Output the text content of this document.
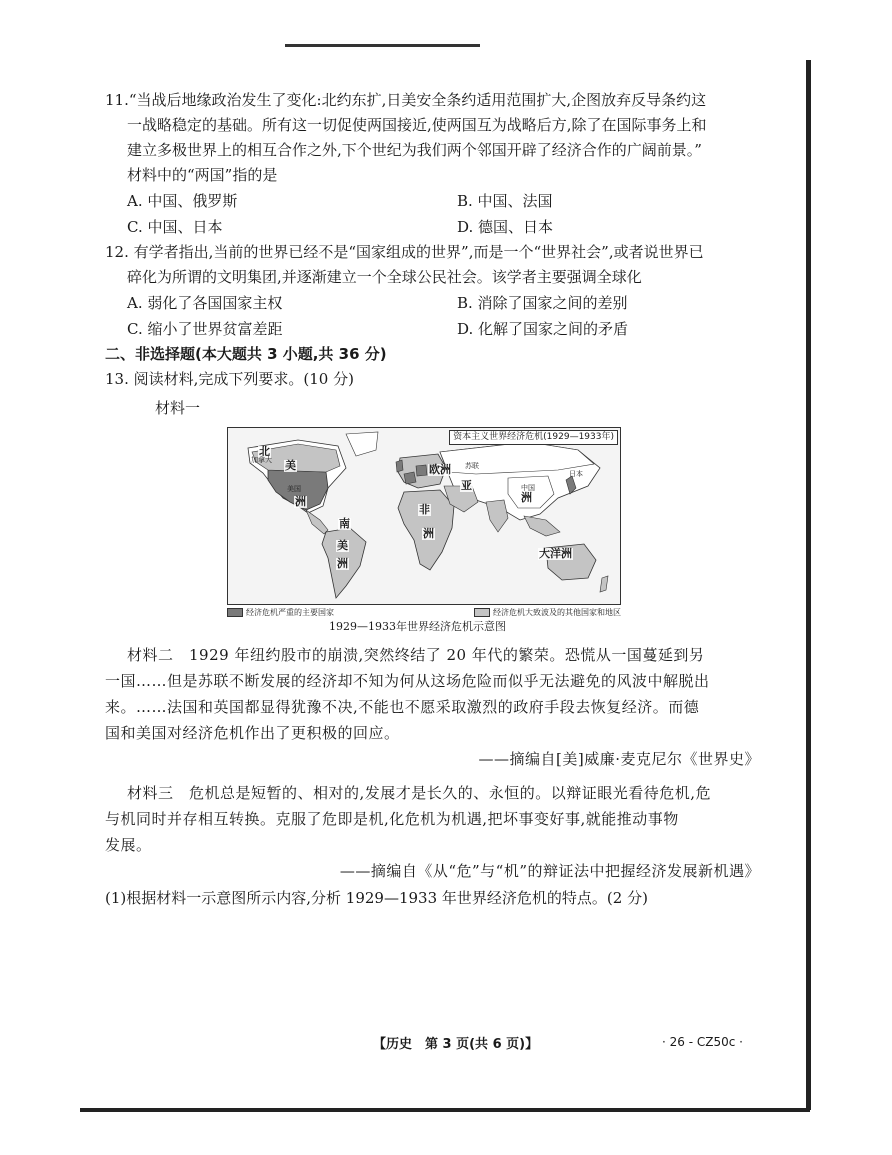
11.“当战后地缘政治发生了变化:北约东扩,日美安全条约适用范围扩大,企图放弃反导条约这
一战略稳定的基础。所有这一切促使两国接近,使两国互为战略后方,除了在国际事务上和
建立多极世界上的相互合作之外,下个世纪为我们两个邻国开辟了经济合作的广阔前景。”
材料中的“两国”指的是
A. 中国、俄罗斯	B. 中国、法国
C. 中国、日本	D. 德国、日本
12. 有学者指出,当前的世界已经不是“国家组成的世界”,而是一个“世界社会”,或者说世界已
碎化为所谓的文明集团,并逐渐建立一个全球公民社会。该学者主要强调全球化
A. 弱化了各国国家主权	B. 消除了国家之间的差别
C. 缩小了世界贫富差距	D. 化解了国家之间的矛盾
二、非选择题(本大题共 3 小题,共 36 分)
13. 阅读材料,完成下列要求。(10 分)
材料一
资本主义世界经济危机(1929—1933年)
北
加拿大 美
美国
洲
南
美
洲
欧洲 苏联
亚
非
洲
中国
洲
日本
大洋洲
经济危机严重的主要国家	经济危机大致波及的其他国家和地区
1929—1933年世界经济危机示意图
材料二　1929 年纽约股市的崩溃,突然终结了 20 年代的繁荣。恐慌从一国蔓延到另
一国……但是苏联不断发展的经济却不知为何从这场危险而似乎无法避免的风波中解脱出
来。……法国和英国都显得犹豫不决,不能也不愿采取激烈的政府手段去恢复经济。而德
国和美国对经济危机作出了更积极的回应。
——摘编自[美]威廉·麦克尼尔《世界史》
材料三　危机总是短暂的、相对的,发展才是长久的、永恒的。以辩证眼光看待危机,危
与机同时并存相互转换。克服了危即是机,化危机为机遇,把坏事变好事,就能推动事物
发展。
——摘编自《从“危”与“机”的辩证法中把握经济发展新机遇》
(1)根据材料一示意图所示内容,分析 1929—1933 年世界经济危机的特点。(2 分)
【历史　第 3 页(共 6 页)】	· 26 - CZ50c ·
